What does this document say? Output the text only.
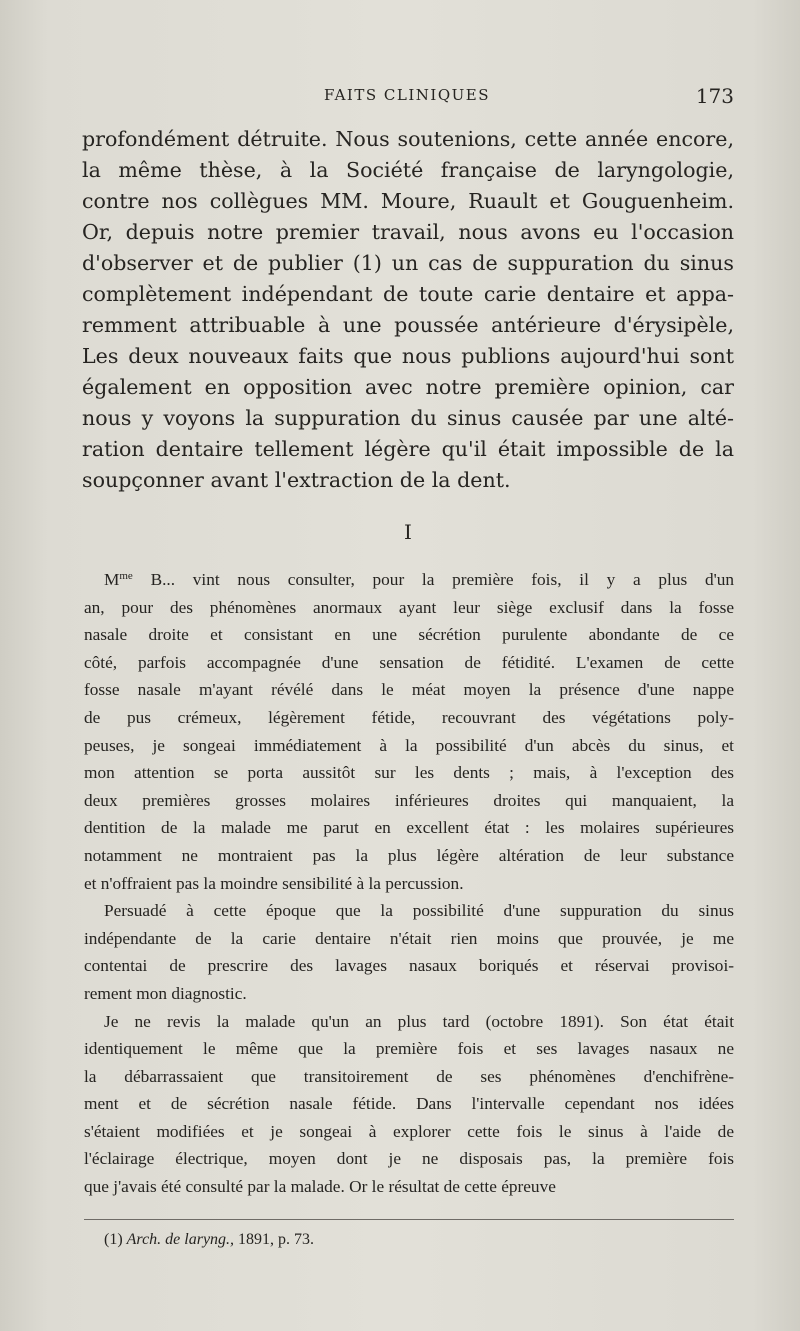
FAITS CLINIQUES	173
profondément détruite. Nous soutenions, cette année encore,
la même thèse, à la Société française de laryngologie,
contre nos collègues MM. Moure, Ruault et Gouguenheim.
Or, depuis notre premier travail, nous avons eu l'occasion
d'observer et de publier (1) un cas de suppuration du sinus
complètement indépendant de toute carie dentaire et appa-
remment attribuable à une poussée antérieure d'érysipèle,
Les deux nouveaux faits que nous publions aujourd'hui sont
également en opposition avec notre première opinion, car
nous y voyons la suppuration du sinus causée par une alté-
ration dentaire tellement légère qu'il était impossible de la
soupçonner avant l'extraction de la dent.
I
$M^{me}$ B... vint nous consulter, pour la première fois, il y a plus d'un
an, pour des phénomènes anormaux ayant leur siège exclusif dans la fosse
nasale droite et consistant en une sécrétion purulente abondante de ce
côté, parfois accompagnée d'une sensation de fétidité. L'examen de cette
fosse nasale m'ayant révélé dans le méat moyen la présence d'une nappe
de pus crémeux, légèrement fétide, recouvrant des végétations poly-
peuses, je songeai immédiatement à la possibilité d'un abcès du sinus, et
mon attention se porta aussitôt sur les dents ; mais, à l'exception des
deux premières grosses molaires inférieures droites qui manquaient, la
dentition de la malade me parut en excellent état : les molaires supérieures
notamment ne montraient pas la plus légère altération de leur substance
et n'offraient pas la moindre sensibilité à la percussion.
Persuadé à cette époque que la possibilité d'une suppuration du sinus
indépendante de la carie dentaire n'était rien moins que prouvée, je me
contentai de prescrire des lavages nasaux boriqués et réservai provisoi-
rement mon diagnostic.
Je ne revis la malade qu'un an plus tard (octobre 1891). Son état était
identiquement le même que la première fois et ses lavages nasaux ne
la débarrassaient que transitoirement de ses phénomènes d'enchifrène-
ment et de sécrétion nasale fétide. Dans l'intervalle cependant nos idées
s'étaient modifiées et je songeai à explorer cette fois le sinus à l'aide de
l'éclairage électrique, moyen dont je ne disposais pas, la première fois
que j'avais été consulté par la malade. Or le résultat de cette épreuve
(1) Arch. de laryng., 1891, p. 73.
